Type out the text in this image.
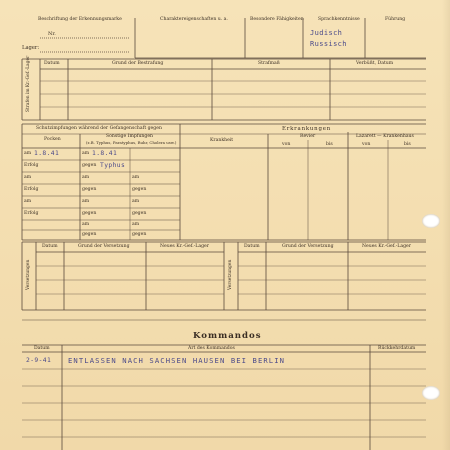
Beschriftung der Erkennungsmarke	Charaktereigenschaften u. a.	Besondere Fähigkeiten	Sprachkenntnisse	Führung
Nr.
Lager:
Judisch
Russisch
Strafen im Kr.-Gef.-Lager	Datum	Grund der Bestrafung	Strafmaß	Verbüßt, Datum
Schutzimpfungen während der Gefangenschaft gegen
Pocken
Sonstige Impfungen
(z.B. Typhus, Paratyphus, Ruhr, Cholera usw.)
am	am
1.8.41	1.8.41
Erfolg	gegen Typhus
am	am	am
Erfolg	gegen	gegen
am	am	am
Erfolg	gegen	gegen
am	am
gegen	gegen
Erkrankungen
Krankheit
Revier
von	bis
Lazarett — Krankenhaus
von	bis
Versetzungen	Versetzungen
Datum	Grund der Versetzung	Neues Kr.-Gef.-Lager	Datum	Grund der Versetzung	Neues Kr.-Gef.-Lager
Kommandos
Datum	Art des Kommandos	Rückkehrdatum
2-9-41 ENTLASSEN NACH SACHSEN HAUSEN BEI BERLIN
